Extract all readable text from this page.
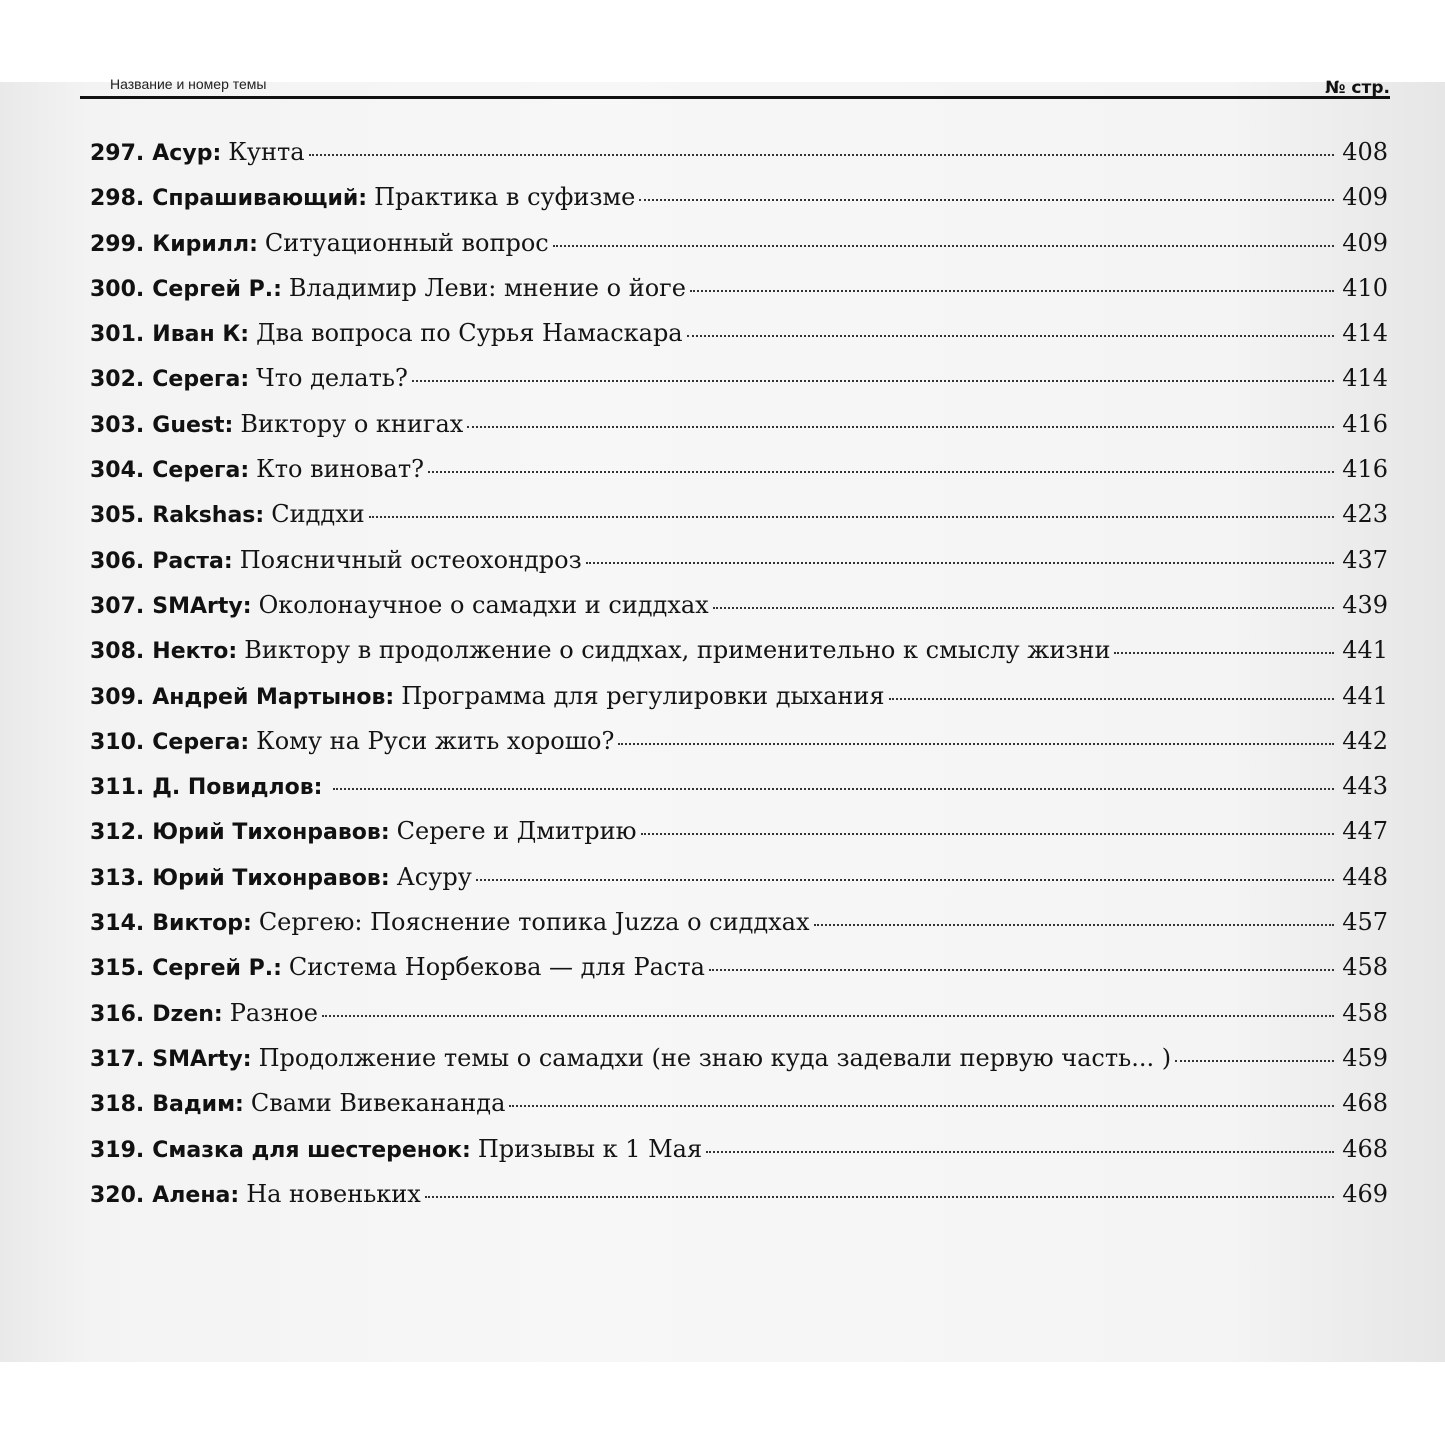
Название и номер темы	№ стр.
297. Асур: Кунта	408
298. Спрашивающий: Практика в суфизме	409
299. Кирилл: Ситуационный вопрос	409
300. Сергей Р.: Владимир Леви: мнение о йоге	410
301. Иван К: Два вопроса по Сурья Намаскара	414
302. Серега: Что делать?	414
303. Guest: Виктору о книгах	416
304. Серега: Кто виноват?	416
305. Rakshas: Сиддхи	423
306. Раста: Поясничный остеохондроз	437
307. SMArty: Околонаучное о самадхи и сиддхах	439
308. Некто: Виктору в продолжение о сиддхах, применительно к смыслу жизни	441
309. Андрей Мартынов: Программа для регулировки дыхания	441
310. Серега: Кому на Руси жить хорошо?	442
311. Д. Повидлов:	443
312. Юрий Тихонравов: Сереге и Дмитрию	447
313. Юрий Тихонравов: Асуру	448
314. Виктор: Сергею: Пояснение топика Juzza о сиддхах	457
315. Сергей Р.: Система Норбекова — для Раста	458
316. Dzen: Разное	458
317. SMArty: Продолжение темы о самадхи (не знаю куда задевали первую часть... )	459
318. Вадим: Свами Вивекананда	468
319. Смазка для шестеренок: Призывы к 1 Мая	468
320. Алена: На новеньких	469
